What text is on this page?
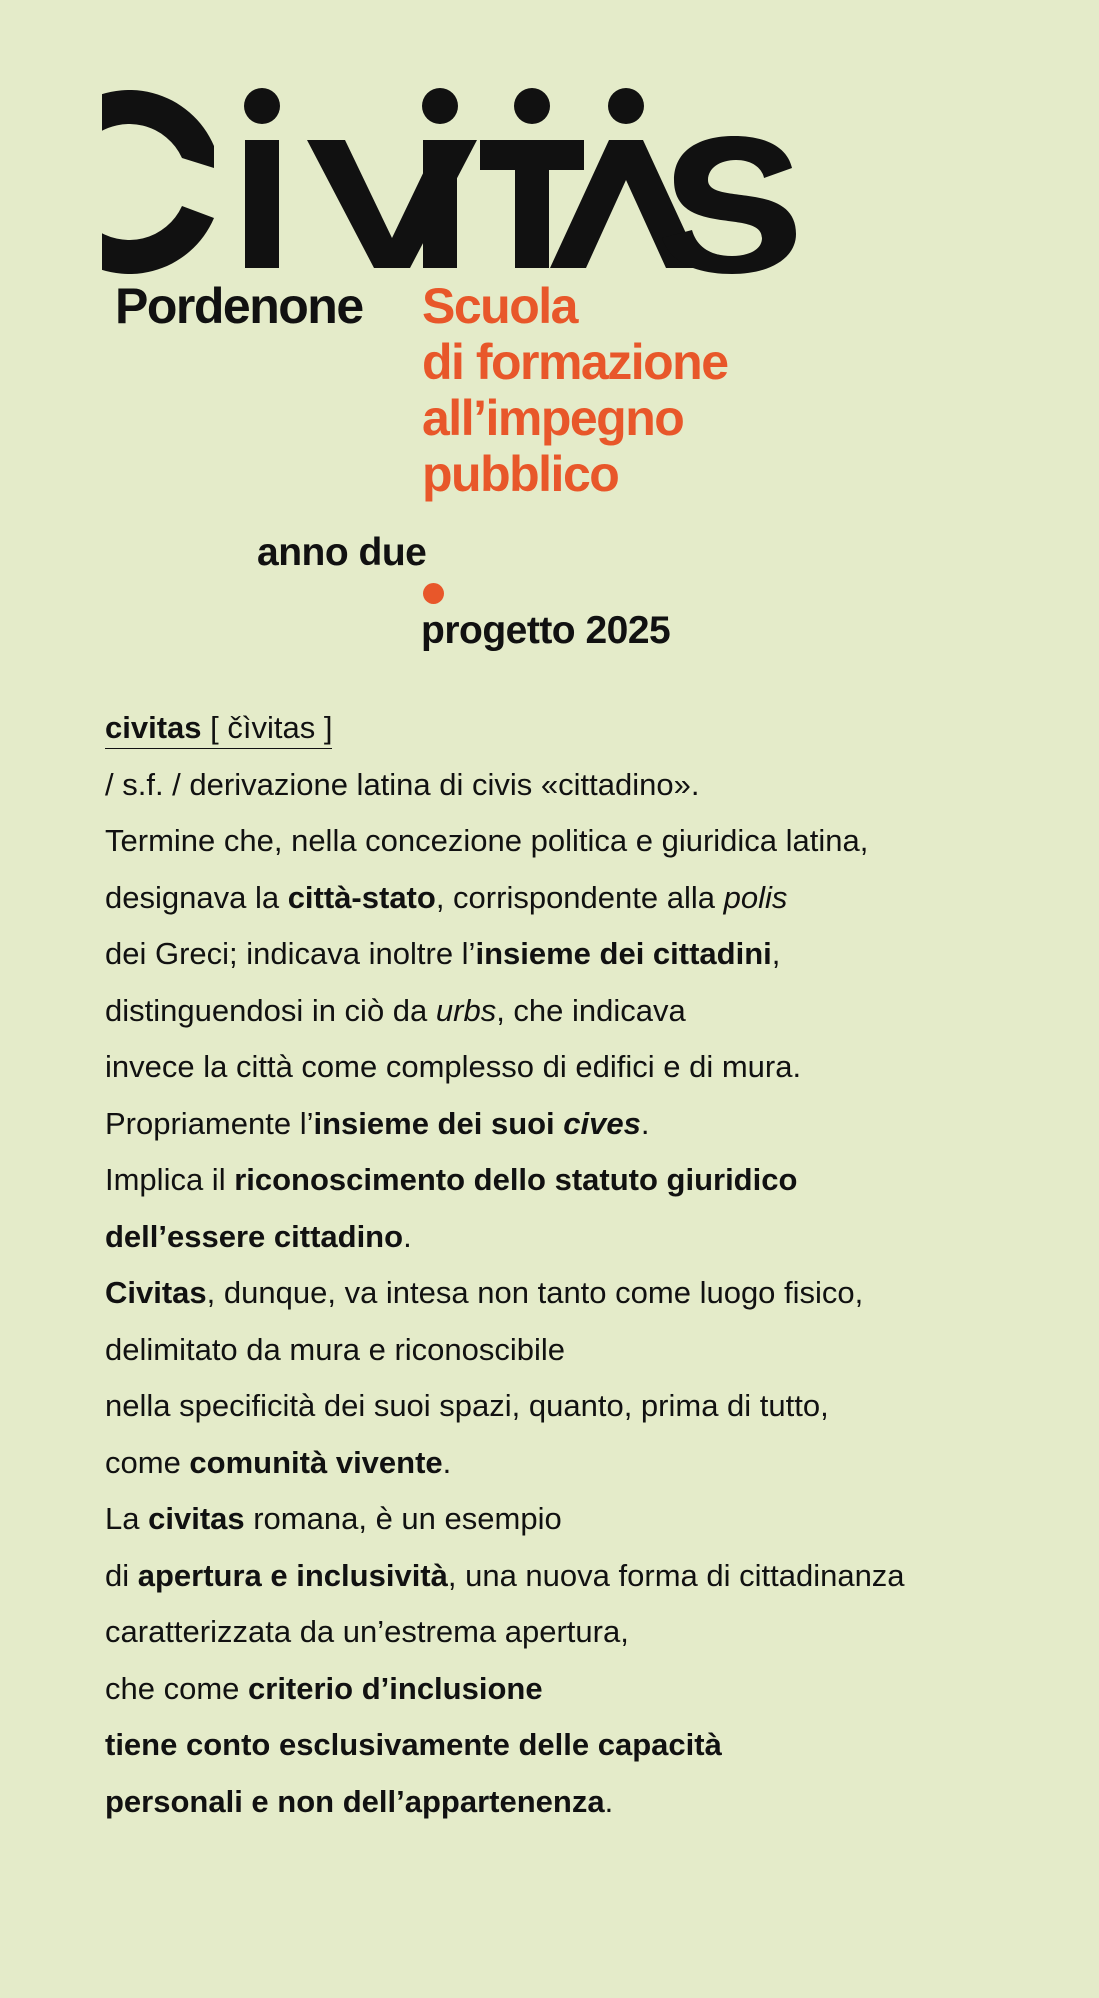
Pordenone Scuola
di formazione
all’impegno
pubblico
anno due
progetto 2025
civitas [ čìvitas ]
/ s.f. / derivazione latina di civis «cittadino».
Termine che, nella concezione politica e giuridica latina,
designava la città-stato, corrispondente alla polis
dei Greci; indicava inoltre l’insieme dei cittadini,
distinguendosi in ciò da urbs, che indicava
invece la città come complesso di edifici e di mura.
Propriamente l’insieme dei suoi cives.
Implica il riconoscimento dello statuto giuridico
dell’essere cittadino.
Civitas, dunque, va intesa non tanto come luogo fisico,
delimitato da mura e riconoscibile
nella specificità dei suoi spazi, quanto, prima di tutto,
come comunità vivente.
La civitas romana, è un esempio
di apertura e inclusività, una nuova forma di cittadinanza
caratterizzata da un’estrema apertura,
che come criterio d’inclusione
tiene conto esclusivamente delle capacità
personali e non dell’appartenenza.
